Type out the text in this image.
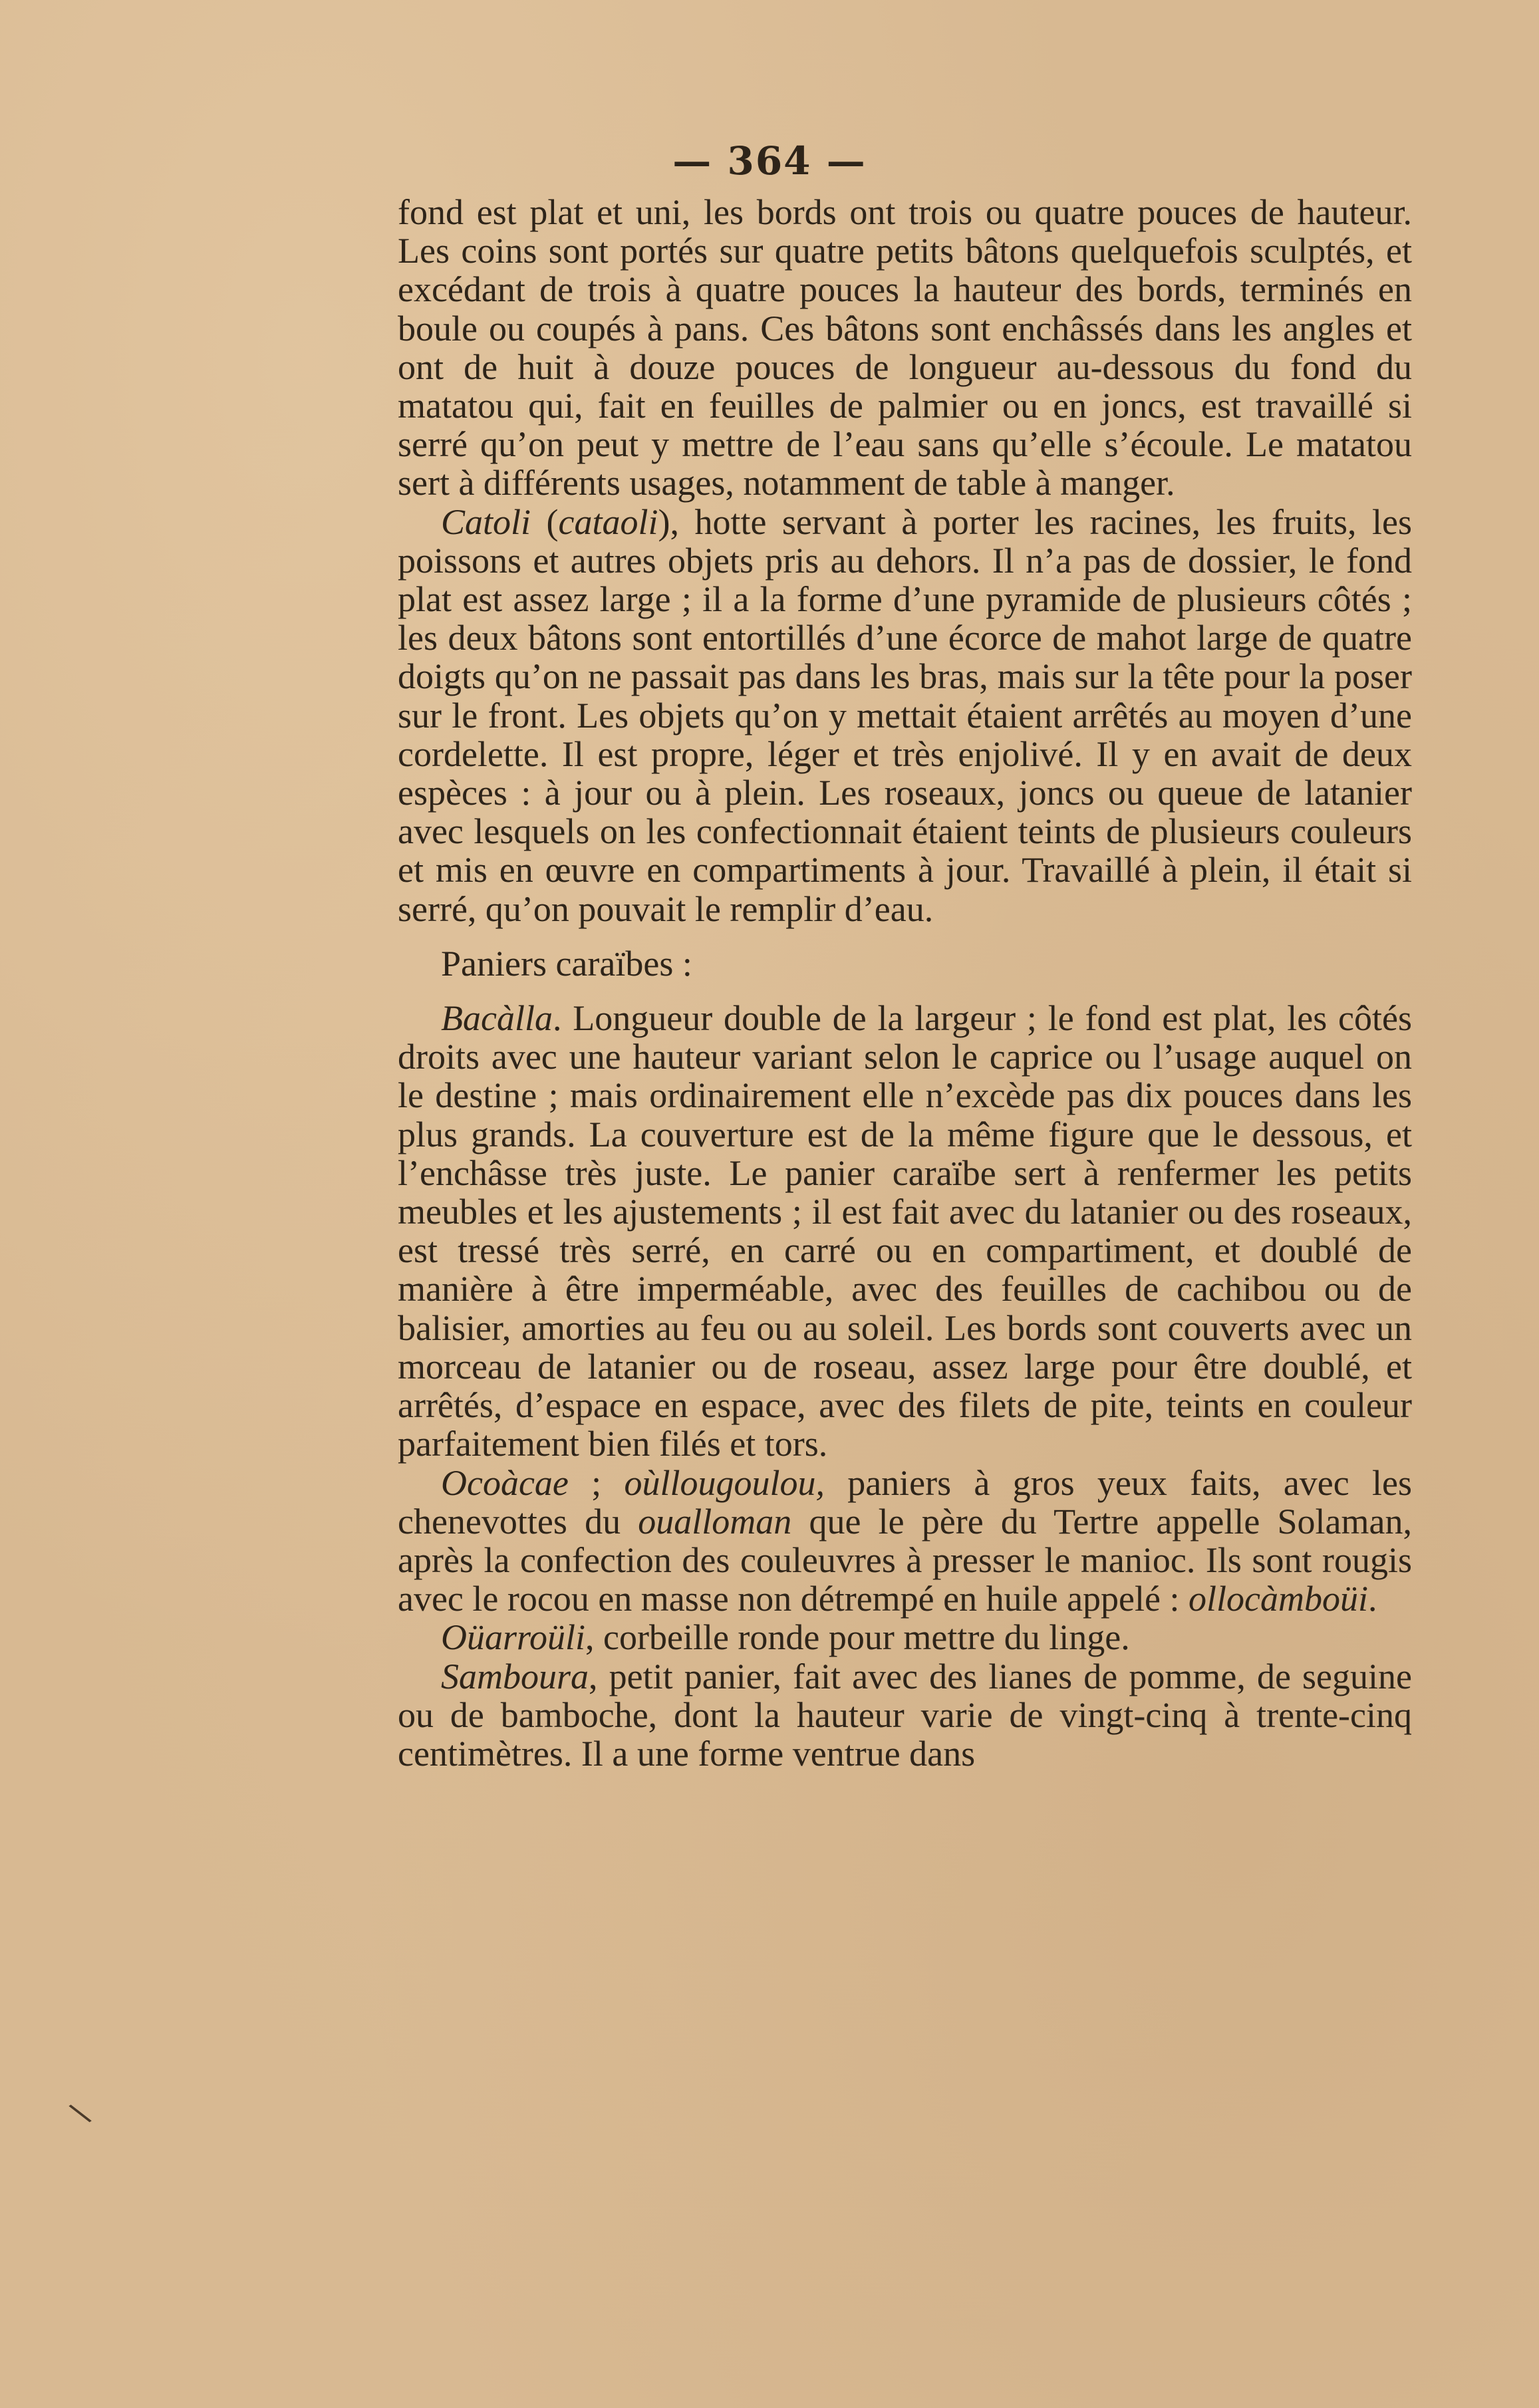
— 364 —

fond est plat et uni, les bords ont trois ou quatre pouces de hauteur. Les coins sont portés sur quatre petits bâtons quelquefois sculptés, et excédant de trois à quatre pouces la hauteur des bords, terminés en boule ou coupés à pans. Ces bâtons sont enchâssés dans les angles et ont de huit à douze pouces de longueur au-dessous du fond du matatou qui, fait en feuilles de palmier ou en joncs, est travaillé si serré qu’on peut y mettre de l’eau sans qu’elle s’écoule. Le matatou sert à différents usages, notamment de table à manger.

Catoli (cataoli), hotte servant à porter les racines, les fruits, les poissons et autres objets pris au dehors. Il n’a pas de dossier, le fond plat est assez large ; il a la forme d’une pyramide de plusieurs côtés ; les deux bâtons sont entortillés d’une écorce de mahot large de quatre doigts qu’on ne passait pas dans les bras, mais sur la tête pour la poser sur le front. Les objets qu’on y mettait étaient arrêtés au moyen d’une cordelette. Il est propre, léger et très enjolivé. Il y en avait de deux espèces : à jour ou à plein. Les roseaux, joncs ou queue de latanier avec lesquels on les confectionnait étaient teints de plusieurs couleurs et mis en œuvre en compartiments à jour. Travaillé à plein, il était si serré, qu’on pouvait le remplir d’eau.

Paniers caraïbes :

Bacàlla. Longueur double de la largeur ; le fond est plat, les côtés droits avec une hauteur variant selon le caprice ou l’usage auquel on le destine ; mais ordinairement elle n’excède pas dix pouces dans les plus grands. La couverture est de la même figure que le dessous, et l’enchâsse très juste. Le panier caraïbe sert à renfermer les petits meubles et les ajustements ; il est fait avec du latanier ou des roseaux, est tressé très serré, en carré ou en compartiment, et doublé de manière à être imperméable, avec des feuilles de cachibou ou de balisier, amorties au feu ou au soleil. Les bords sont couverts avec un morceau de latanier ou de roseau, assez large pour être doublé, et arrêtés, d’espace en espace, avec des filets de pite, teints en couleur parfaitement bien filés et tors.

Ocoàcae ; oùllougoulou, paniers à gros yeux faits, avec les chenevottes du oualloman que le père du Tertre appelle Solaman, après la confection des couleuvres à presser le manioc. Ils sont rougis avec le rocou en masse non détrempé en huile appelé : ollocàmboüi.

Oüarroüli, corbeille ronde pour mettre du linge.

Samboura, petit panier, fait avec des lianes de pomme, de seguine ou de bamboche, dont la hauteur varie de vingt-cinq à trente-cinq centimètres. Il a une forme ventrue dans

\
